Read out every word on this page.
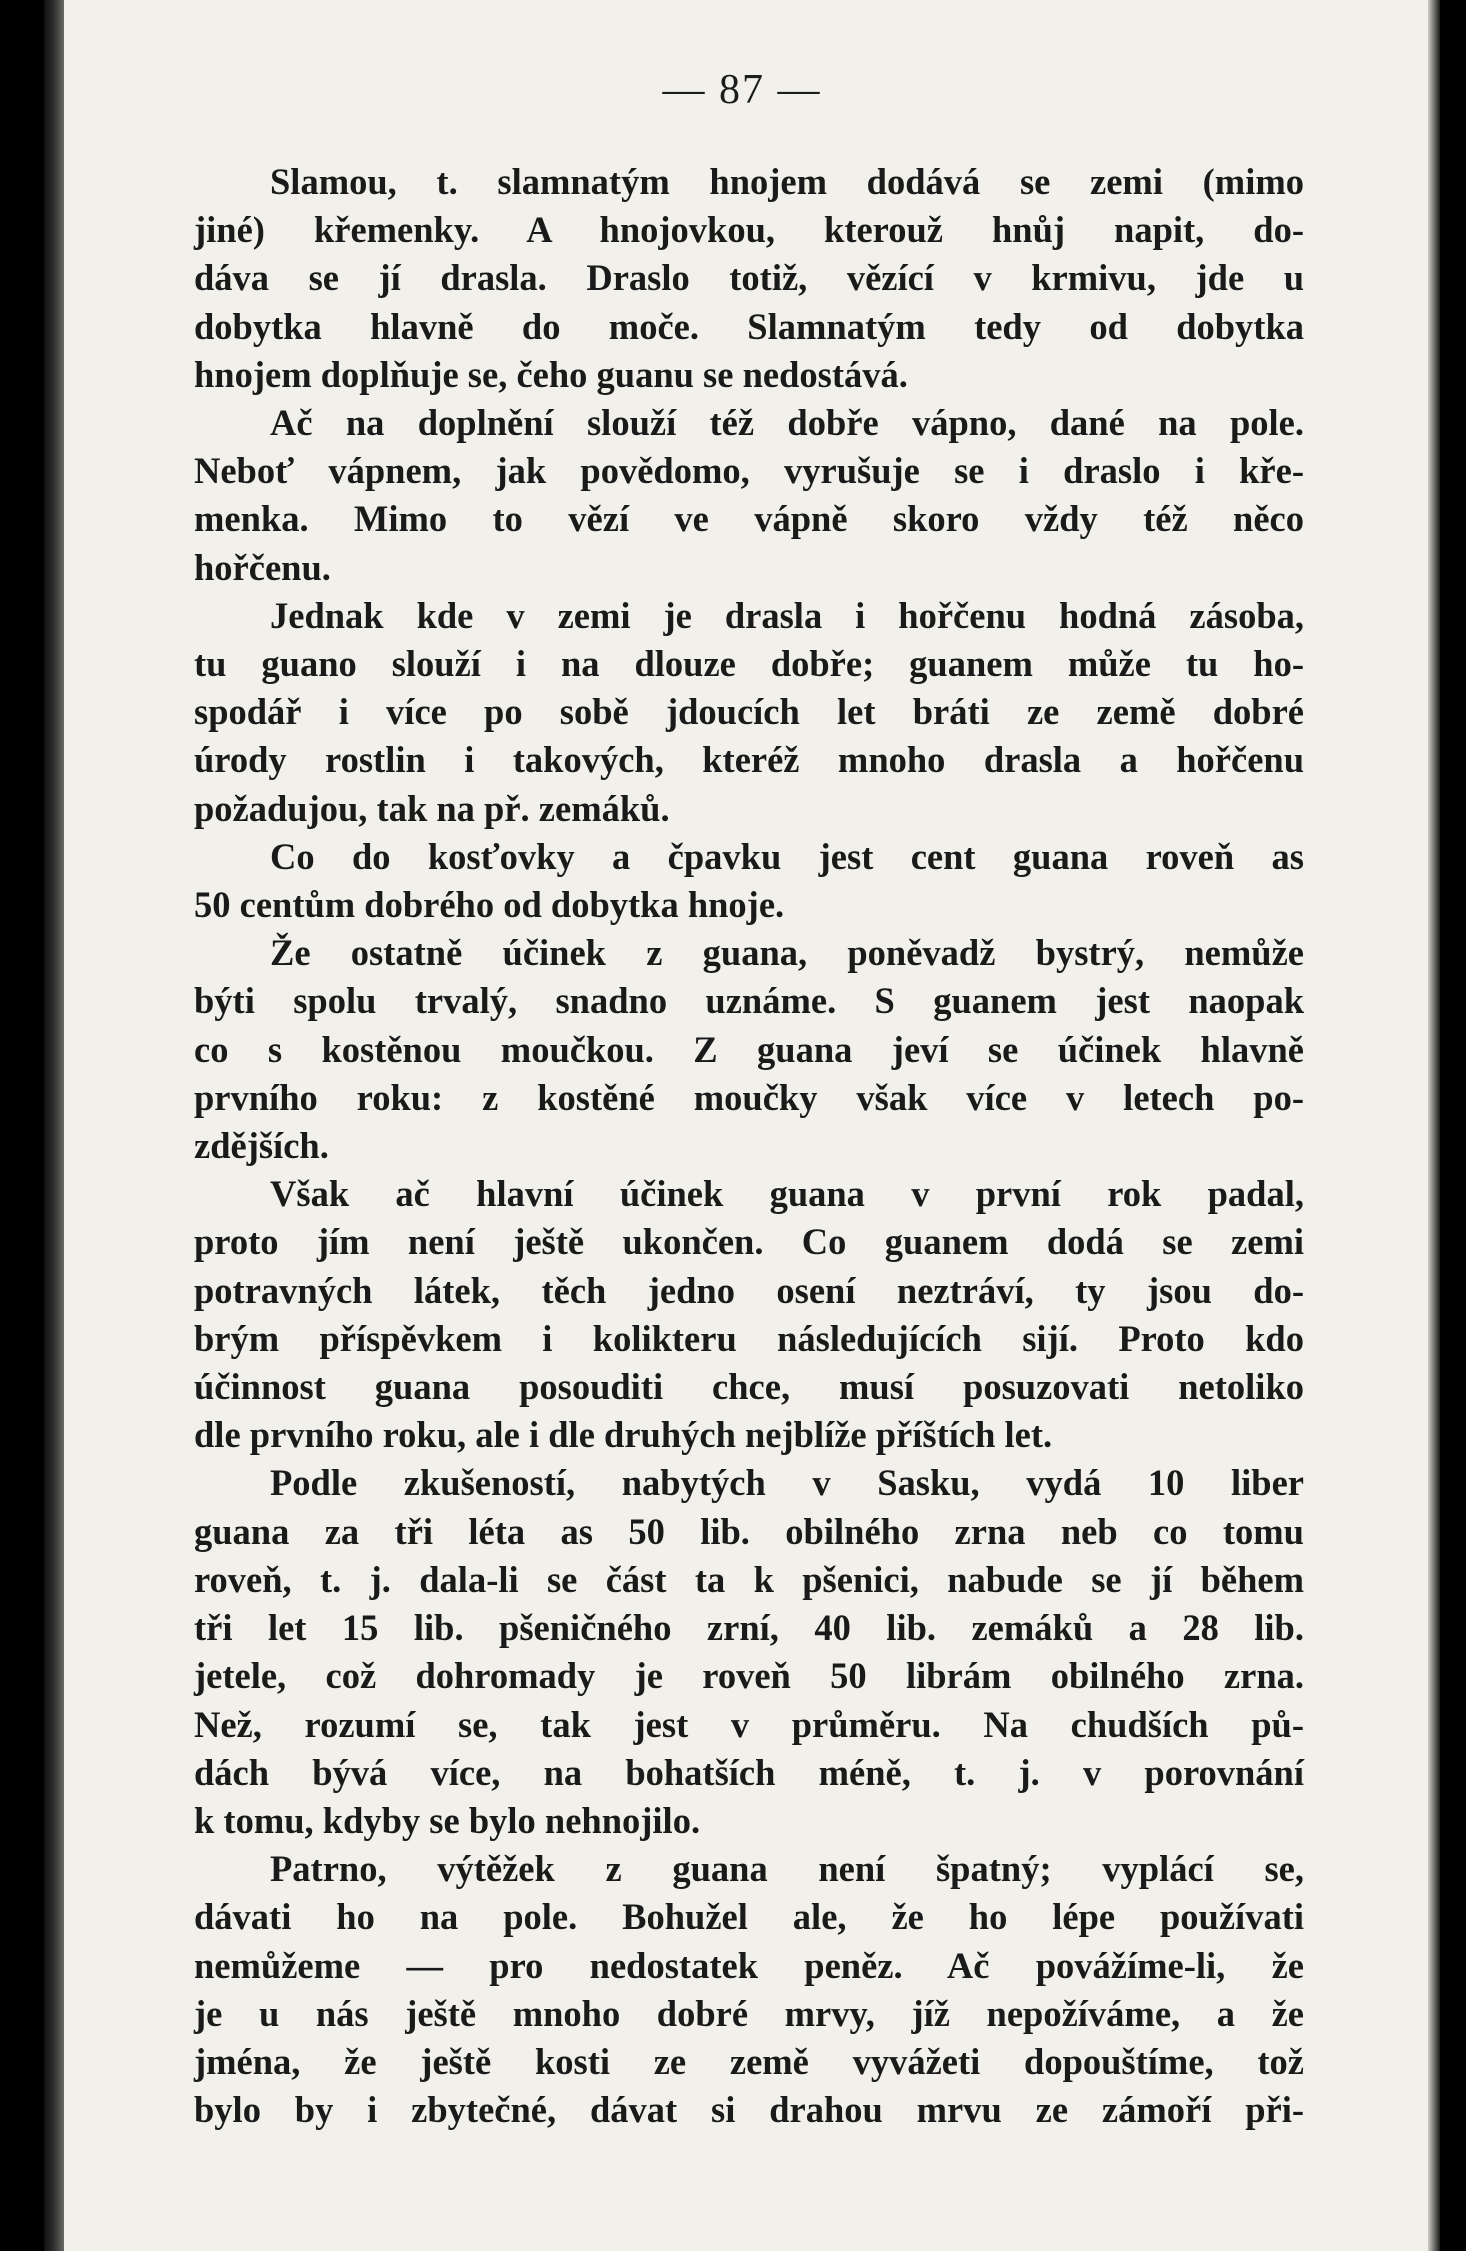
— 87 —
Slamou, t. slamnatým hnojem dodává se zemi (mimo
jiné) křemenky. A hnojovkou, kterouž hnůj napit, do-
dáva se jí drasla. Draslo totiž, vězící v krmivu, jde u
dobytka hlavně do moče. Slamnatým tedy od dobytka
hnojem doplňuje se, čeho guanu se nedostává.
Ač na doplnění slouží též dobře vápno, dané na pole.
Neboť vápnem, jak povědomo, vyrušuje se i draslo i kře-
menka. Mimo to vězí ve vápně skoro vždy též něco
hořčenu.
Jednak kde v zemi je drasla i hořčenu hodná zásoba,
tu guano slouží i na dlouze dobře; guanem může tu ho-
spodář i více po sobě jdoucích let bráti ze země dobré
úrody rostlin i takových, kteréž mnoho drasla a hořčenu
požadujou, tak na př. zemáků.
Co do kosťovky a čpavku jest cent guana roveň as
50 centům dobrého od dobytka hnoje.
Že ostatně účinek z guana, poněvadž bystrý, nemůže
býti spolu trvalý, snadno uznáme. S guanem jest naopak
co s kostěnou moučkou. Z guana jeví se účinek hlavně
prvního roku: z kostěné moučky však více v letech po-
zdějších.
Však ač hlavní účinek guana v první rok padal,
proto jím není ještě ukončen. Co guanem dodá se zemi
potravných látek, těch jedno osení neztráví, ty jsou do-
brým příspěvkem i kolikteru následujících sijí. Proto kdo
účinnost guana posouditi chce, musí posuzovati netoliko
dle prvního roku, ale i dle druhých nejblíže příštích let.
Podle zkušeností, nabytých v Sasku, vydá 10 liber
guana za tři léta as 50 lib. obilného zrna neb co tomu
roveň, t. j. dala-li se část ta k pšenici, nabude se jí během
tři let 15 lib. pšeničného zrní, 40 lib. zemáků a 28 lib.
jetele, což dohromady je roveň 50 librám obilného zrna.
Než, rozumí se, tak jest v průměru. Na chudších pů-
dách bývá více, na bohatších méně, t. j. v porovnání
k tomu, kdyby se bylo nehnojilo.
Patrno, výtěžek z guana není špatný; vyplácí se,
dávati ho na pole. Bohužel ale, že ho lépe používati
nemůžeme — pro nedostatek peněz. Ač povážíme-li, že
je u nás ještě mnoho dobré mrvy, jíž nepožíváme, a že
jména, že ještě kosti ze země vyvážeti dopouštíme, tož
bylo by i zbytečné, dávat si drahou mrvu ze zámoří při-
